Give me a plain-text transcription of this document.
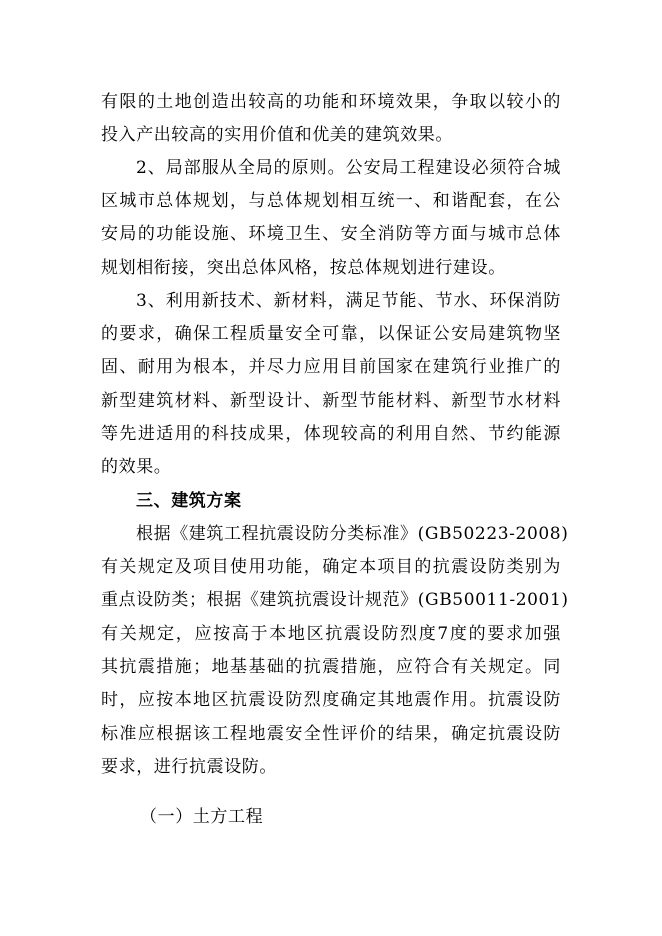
有限的土地创造出较高的功能和环境效果，争取以较小的
投入产出较高的实用价值和优美的建筑效果。
2、局部服从全局的原则。公安局工程建设必须符合城
区城市总体规划，与总体规划相互统一、和谐配套，在公
安局的功能设施、环境卫生、安全消防等方面与城市总体
规划相衔接，突出总体风格，按总体规划进行建设。
3、利用新技术、新材料，满足节能、节水、环保消防
的要求，确保工程质量安全可靠，以保证公安局建筑物坚
固、耐用为根本，并尽力应用目前国家在建筑行业推广的
新型建筑材料、新型设计、新型节能材料、新型节水材料
等先进适用的科技成果，体现较高的利用自然、节约能源
的效果。
三、建筑方案
根据《建筑工程抗震设防分类标准》(GB50223-2008)
有关规定及项目使用功能，确定本项目的抗震设防类别为
重点设防类；根据《建筑抗震设计规范》(GB50011-2001)
有关规定，应按高于本地区抗震设防烈度7度的要求加强
其抗震措施；地基基础的抗震措施，应符合有关规定。同
时，应按本地区抗震设防烈度确定其地震作用。抗震设防
标准应根据该工程地震安全性评价的结果，确定抗震设防
要求，进行抗震设防。
（一）土方工程
